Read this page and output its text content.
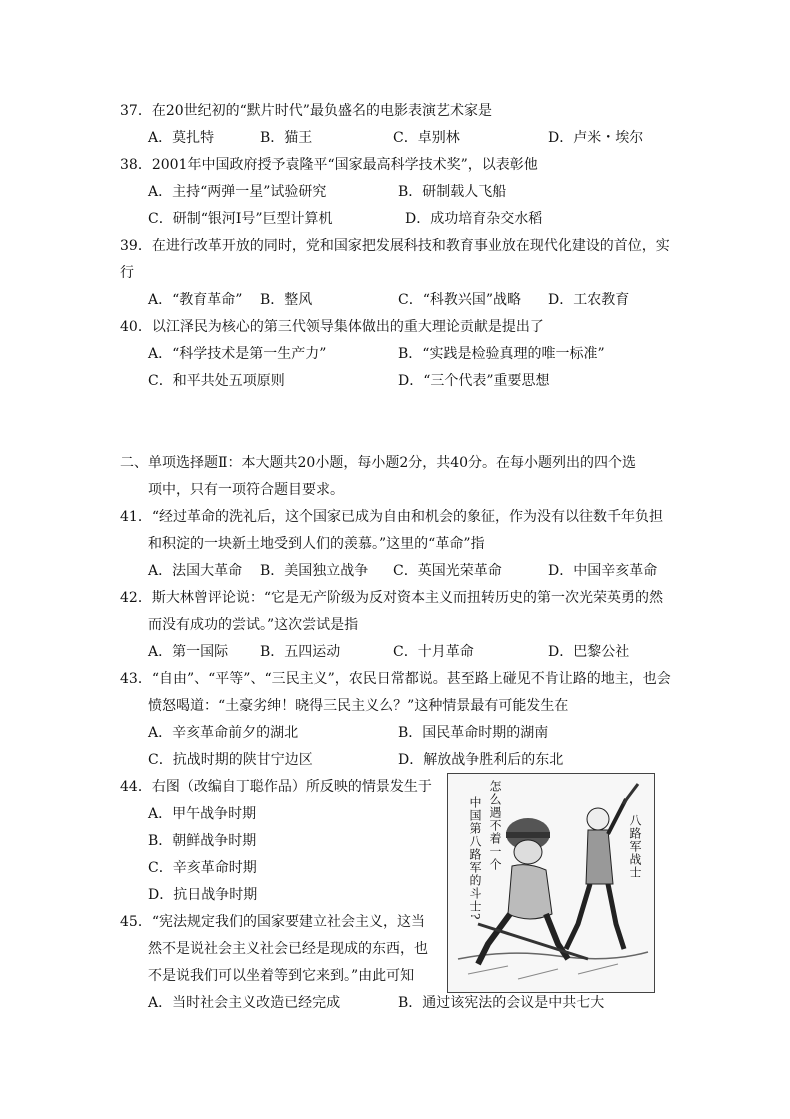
37．在20世纪初的“默片时代”最负盛名的电影表演艺术家是
A．莫扎特	B．猫王	C．卓别林	D．卢米・埃尔
38．2001年中国政府授予袁隆平“国家最高科学技术奖”，以表彰他
A．主持“两弹一星”试验研究	B．研制载人飞船
C．研制“银河Ⅰ号”巨型计算机	D．成功培育杂交水稻
39．在进行改革开放的同时，党和国家把发展科技和教育事业放在现代化建设的首位，实
行
A．“教育革命” B．整风	C．“科教兴国”战略 D．工农教育
40．以江泽民为核心的第三代领导集体做出的重大理论贡献是提出了
A．“科学技术是第一生产力”	B．“实践是检验真理的唯一标准”
C．和平共处五项原则	D．“三个代表”重要思想
二、单项选择题Ⅱ：本大题共20小题，每小题2分，共40分。在每小题列出的四个选
项中，只有一项符合题目要求。
41．“经过革命的洗礼后，这个国家已成为自由和机会的象征，作为没有以往数千年负担
和积淀的一块新土地受到人们的羡慕。”这里的“革命”指
A．法国大革命 B．美国独立战争 C．英国光荣革命	D．中国辛亥革命
42．斯大林曾评论说：“它是无产阶级为反对资本主义而扭转历史的第一次光荣英勇的然
而没有成功的尝试。”这次尝试是指
A．第一国际 B．五四运动	C．十月革命	D．巴黎公社
43．“自由”、“平等”、“三民主义”，农民日常都说。甚至路上碰见不肯让路的地主，也会
愤怒喝道：“土豪劣绅！晓得三民主义么？”这种情景最有可能发生在
A．辛亥革命前夕的湖北	B．国民革命时期的湖南
C．抗战时期的陕甘宁边区	D．解放战争胜利后的东北
44．右图（改编自丁聪作品）所反映的情景发生于
A．甲午战争时期
B．朝鲜战争时期
C．辛亥革命时期
D．抗日战争时期
怎么遇不着一个
中国第八路军的斗士?	八路军战士
45．“宪法规定我们的国家要建立社会主义，这当
然不是说社会主义社会已经是现成的东西，也
不是说我们可以坐着等到它来到。”由此可知
A．当时社会主义改造已经完成	B．通过该宪法的会议是中共七大
